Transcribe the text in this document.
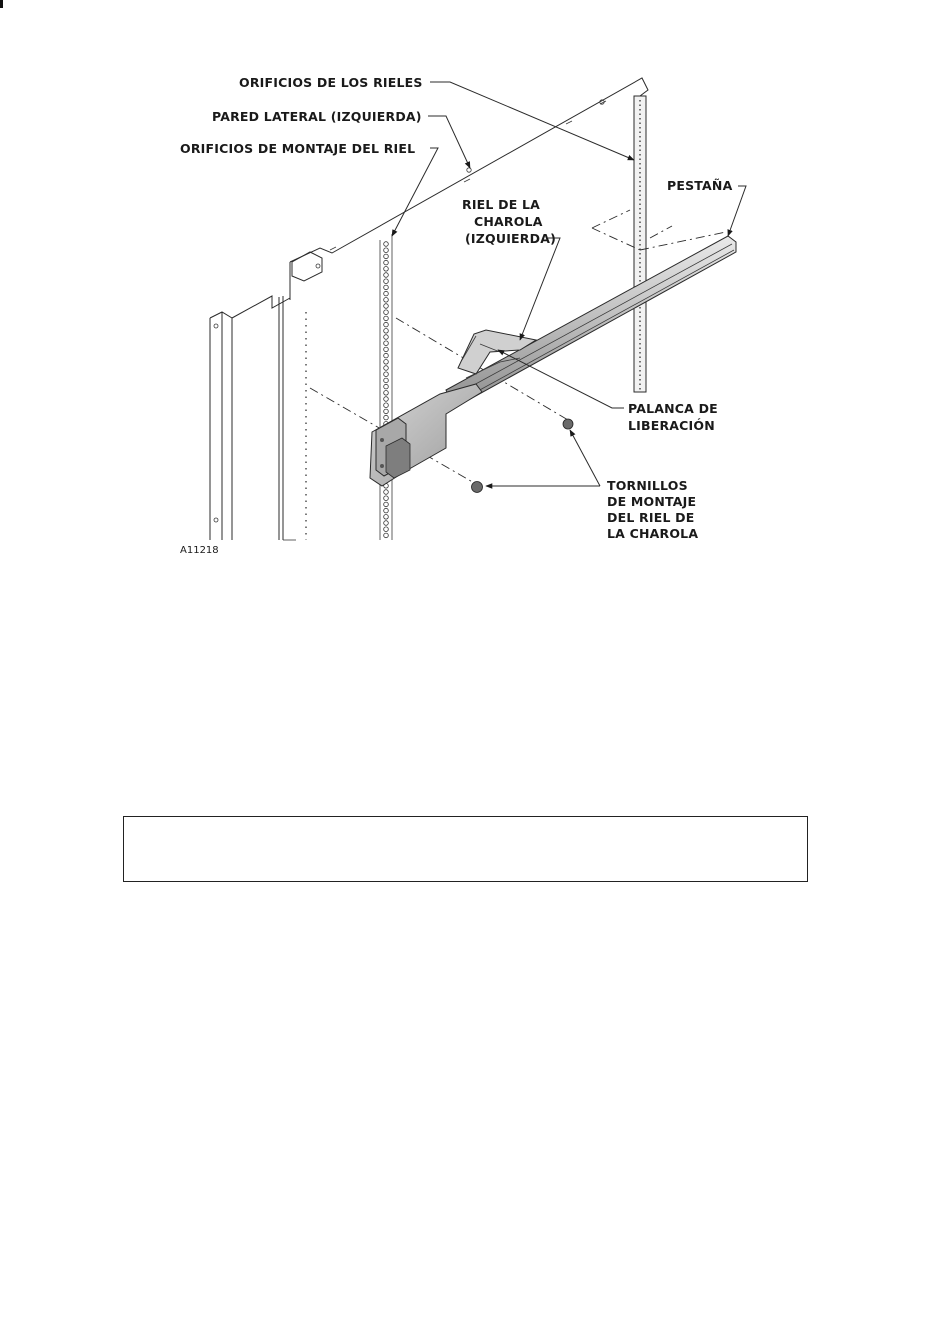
ORIFICIOS DE LOS RIELES
PARED LATERAL (IZQUIERDA)
ORIFICIOS DE MONTAJE DEL RIEL
PESTAÑA
RIEL DE LA
CHAROLA
(IZQUIERDA)
PALANCA DE
LIBERACIÓN
TORNILLOS
DE MONTAJE
DEL RIEL DE
LA CHAROLA
A11218
